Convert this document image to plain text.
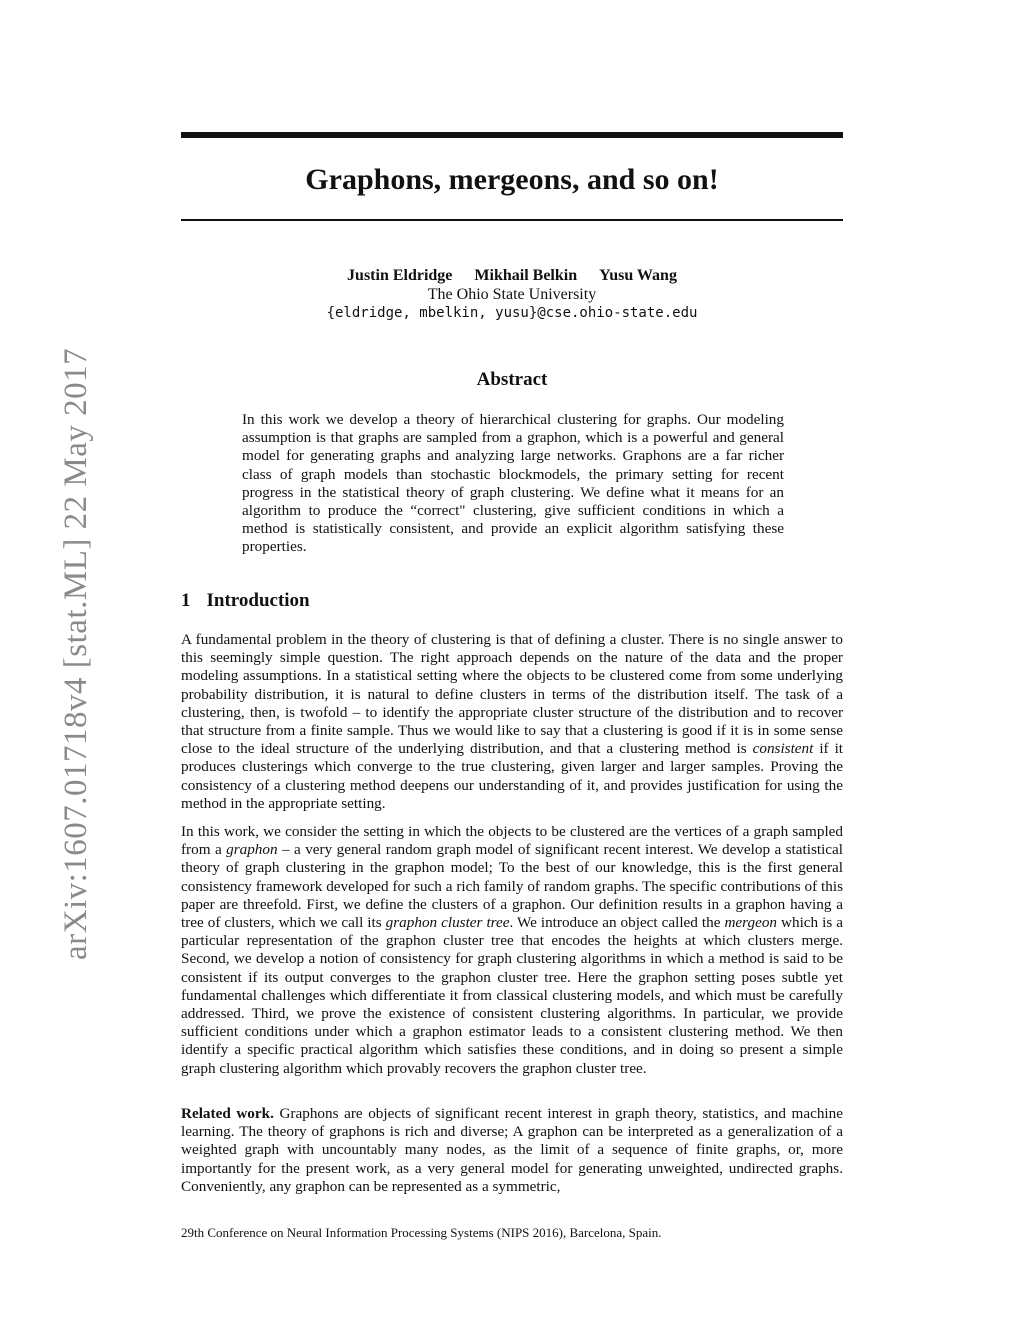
arXiv:1607.01718v4 [stat.ML] 22 May 2017
Graphons, mergeons, and so on!
Justin Eldridge Mikhail Belkin Yusu Wang
The Ohio State University
{eldridge, mbelkin, yusu}@cse.ohio-state.edu
Abstract
In this work we develop a theory of hierarchical clustering for graphs. Our modeling assumption is that graphs are sampled from a graphon, which is a powerful and general model for generating graphs and analyzing large networks. Graphons are a far richer class of graph models than stochastic blockmodels, the primary setting for recent progress in the statistical theory of graph clustering. We define what it means for an algorithm to produce the “correct" clustering, give sufficient conditions in which a method is statistically consistent, and provide an explicit algorithm satisfying these properties.
1 Introduction
A fundamental problem in the theory of clustering is that of defining a cluster. There is no single answer to this seemingly simple question. The right approach depends on the nature of the data and the proper modeling assumptions. In a statistical setting where the objects to be clustered come from some underlying probability distribution, it is natural to define clusters in terms of the distribution itself. The task of a clustering, then, is twofold – to identify the appropriate cluster structure of the distribution and to recover that structure from a finite sample. Thus we would like to say that a clustering is good if it is in some sense close to the ideal structure of the underlying distribution, and that a clustering method is consistent if it produces clusterings which converge to the true clustering, given larger and larger samples. Proving the consistency of a clustering method deepens our understanding of it, and provides justification for using the method in the appropriate setting.
In this work, we consider the setting in which the objects to be clustered are the vertices of a graph sampled from a graphon – a very general random graph model of significant recent interest. We develop a statistical theory of graph clustering in the graphon model; To the best of our knowledge, this is the first general consistency framework developed for such a rich family of random graphs. The specific contributions of this paper are threefold. First, we define the clusters of a graphon. Our definition results in a graphon having a tree of clusters, which we call its graphon cluster tree. We introduce an object called the mergeon which is a particular representation of the graphon cluster tree that encodes the heights at which clusters merge. Second, we develop a notion of consistency for graph clustering algorithms in which a method is said to be consistent if its output converges to the graphon cluster tree. Here the graphon setting poses subtle yet fundamental challenges which differentiate it from classical clustering models, and which must be carefully addressed. Third, we prove the existence of consistent clustering algorithms. In particular, we provide sufficient conditions under which a graphon estimator leads to a consistent clustering method. We then identify a specific practical algorithm which satisfies these conditions, and in doing so present a simple graph clustering algorithm which provably recovers the graphon cluster tree.
Related work. Graphons are objects of significant recent interest in graph theory, statistics, and machine learning. The theory of graphons is rich and diverse; A graphon can be interpreted as a generalization of a weighted graph with uncountably many nodes, as the limit of a sequence of finite graphs, or, more importantly for the present work, as a very general model for generating unweighted, undirected graphs. Conveniently, any graphon can be represented as a symmetric,
29th Conference on Neural Information Processing Systems (NIPS 2016), Barcelona, Spain.
